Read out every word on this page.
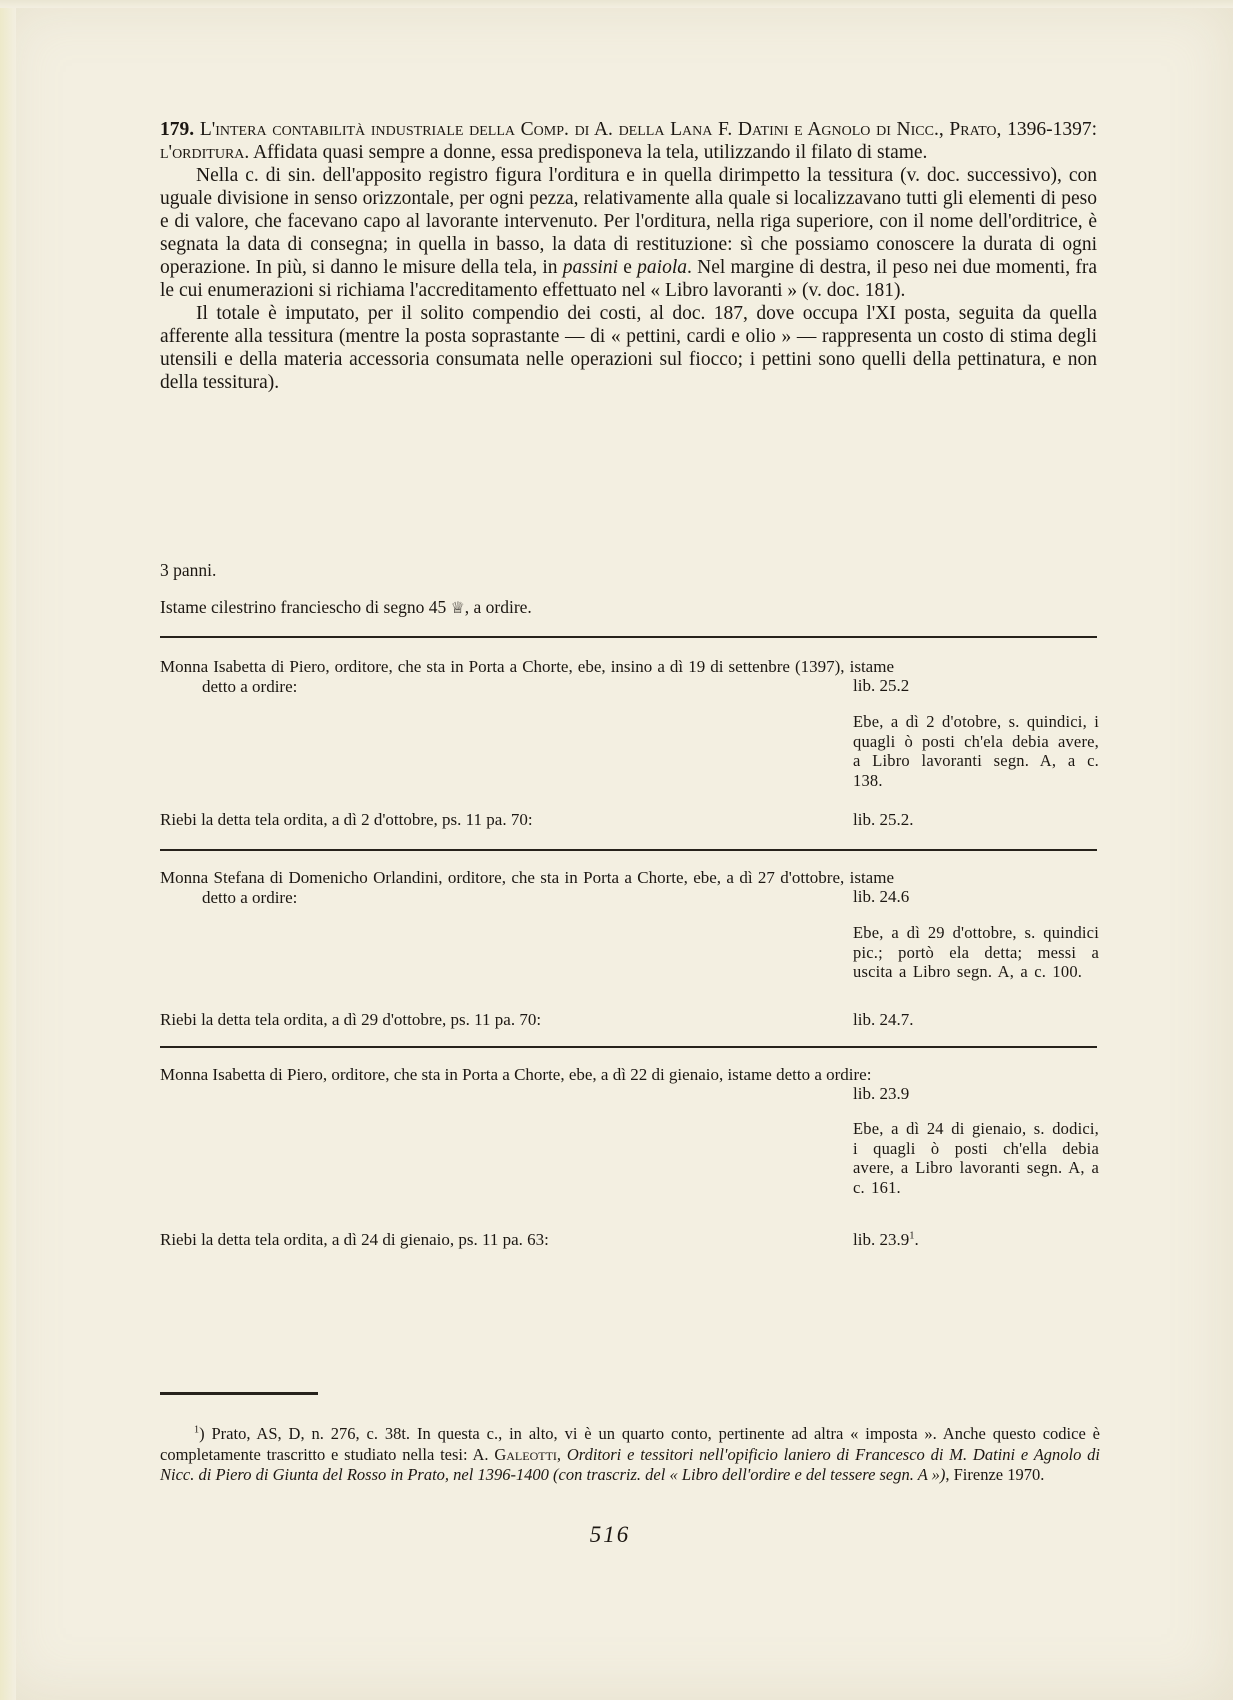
179. L'intera contabilità industriale della Comp. di A. della Lana F. Datini e Agnolo di Nicc., Prato, 1396-1397: l'orditura. Affidata quasi sempre a donne, essa predisponeva la tela, utilizzando il filato di stame.

Nella c. di sin. dell'apposito registro figura l'orditura e in quella dirimpetto la tessitura (v. doc. successivo), con uguale divisione in senso orizzontale, per ogni pezza, relativamente alla quale si localizzavano tutti gli elementi di peso e di valore, che facevano capo al lavorante intervenuto. Per l'orditura, nella riga superiore, con il nome dell'orditrice, è segnata la data di consegna; in quella in basso, la data di restituzione: sì che possiamo conoscere la durata di ogni operazione. In più, si danno le misure della tela, in passini e paiola. Nel margine di destra, il peso nei due momenti, fra le cui enumerazioni si richiama l'accreditamento effettuato nel « Libro lavoranti » (v. doc. 181).

Il totale è imputato, per il solito compendio dei costi, al doc. 187, dove occupa l'XI posta, seguita da quella afferente alla tessitura (mentre la posta soprastante — di « pettini, cardi e olio » — rappresenta un costo di stima degli utensili e della materia accessoria consumata nelle operazioni sul fiocco; i pettini sono quelli della pettinatura, e non della tessitura).

3 panni.
Istame cilestrino franciescho di segno 45 ♕, a ordire.
Monna Isabetta di Piero, orditore, che sta in Porta a Chorte, ebe, insino a dì 19 di settenbre (1397), istame detto a ordire:	lib. 25.2
Ebe, a dì 2 d'otobre, s. quindici, i quagli ò posti ch'ela debia avere, a Libro lavoranti segn. A, a c. 138.
Riebi la detta tela ordita, a dì 2 d'ottobre, ps. 11 pa. 70:	lib. 25.2.
Monna Stefana di Domenicho Orlandini, orditore, che sta in Porta a Chorte, ebe, a dì 27 d'ottobre, istame detto a ordire:	lib. 24.6
Ebe, a dì 29 d'ottobre, s. quindici pic.; portò ela detta; messi a uscita a Libro segn. A, a c. 100.
Riebi la detta tela ordita, a dì 29 d'ottobre, ps. 11 pa. 70:	lib. 24.7.
Monna Isabetta di Piero, orditore, che sta in Porta a Chorte, ebe, a dì 22 di gienaio, istame detto a ordire:
lib. 23.9
Ebe, a dì 24 di gienaio, s. dodici, i quagli ò posti ch'ella debia avere, a Libro lavoranti segn. A, a c. 161.
Riebi la detta tela ordita, a dì 24 di gienaio, ps. 11 pa. 63:	lib. 23.9$^1$.
$^1$) Prato, AS, D, n. 276, c. 38t. In questa c., in alto, vi è un quarto conto, pertinente ad altra « imposta ». Anche questo codice è completamente trascritto e studiato nella tesi: A. Galeotti, Orditori e tessitori nell'opificio laniero di Francesco di M. Datini e Agnolo di Nicc. di Piero di Giunta del Rosso in Prato, nel 1396-1400 (con trascriz. del « Libro dell'ordire e del tessere segn. A »), Firenze 1970.
516
